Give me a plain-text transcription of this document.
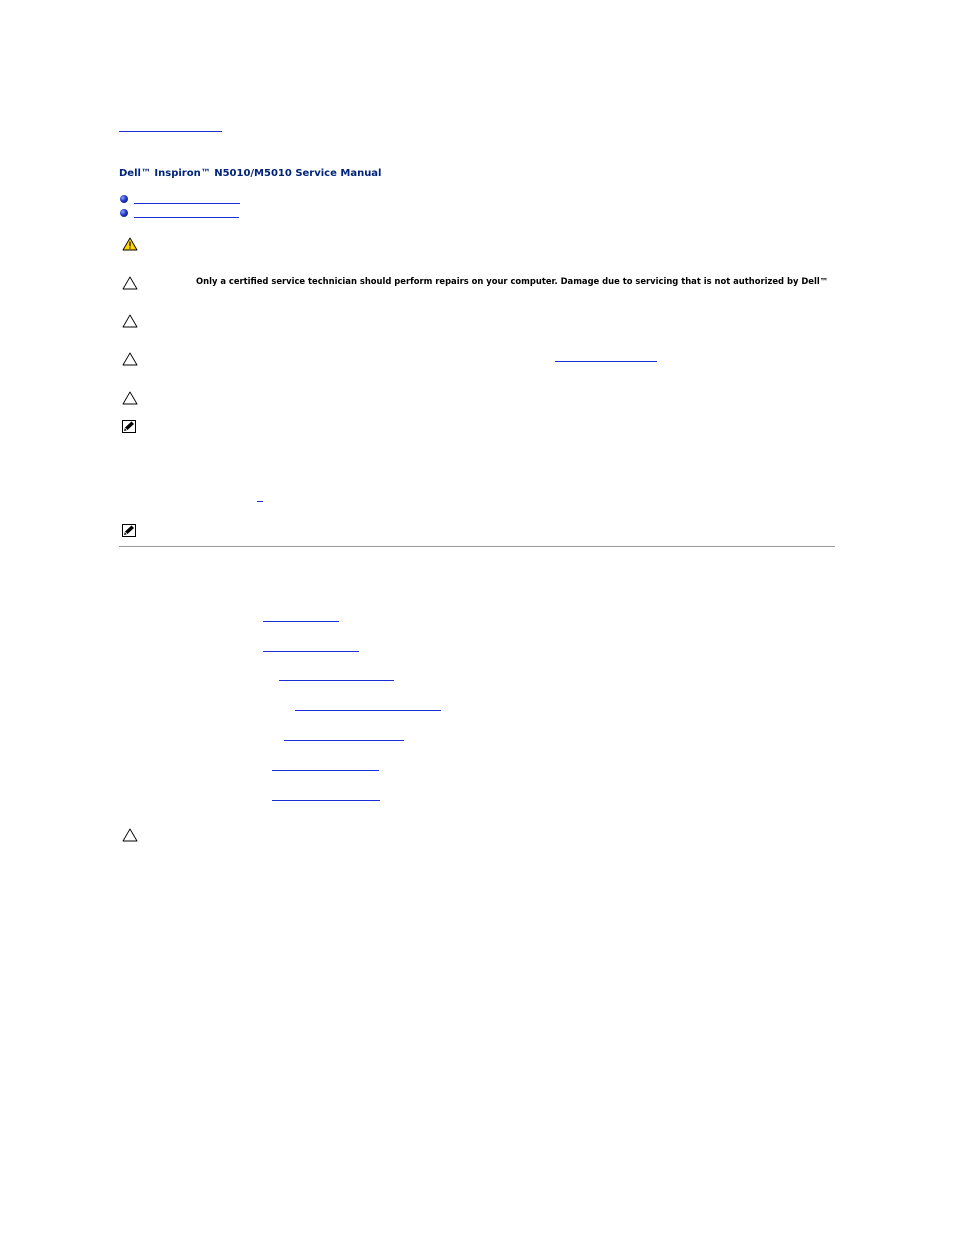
Dell™ Inspiron™ N5010/M5010 Service Manual
Only a certified service technician should perform repairs on your computer. Damage due to servicing that is not authorized by Dell™
